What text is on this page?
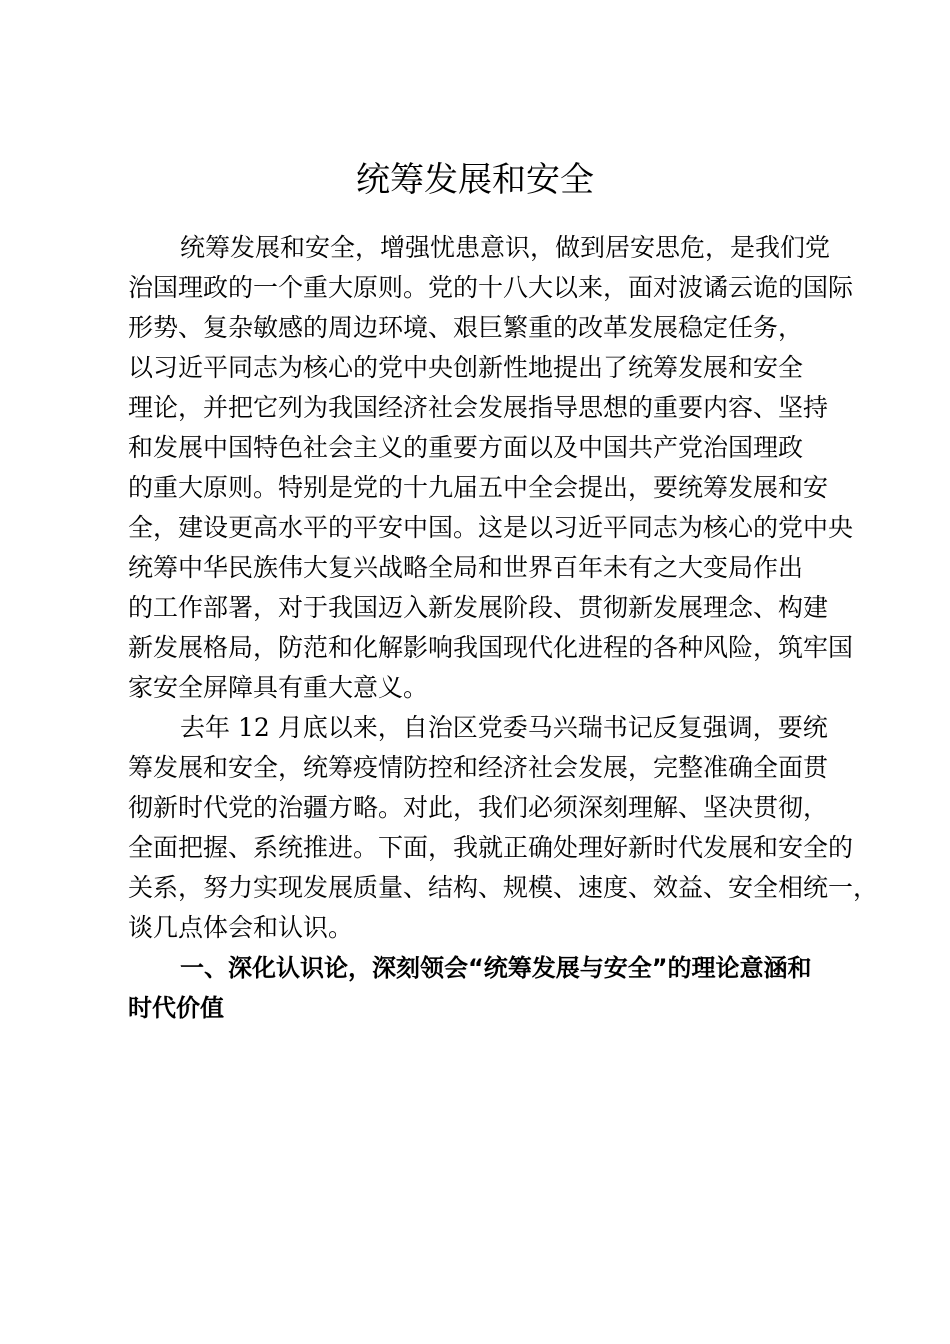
统筹发展和安全
统筹发展和安全，增强忧患意识，做到居安思危，是我们党
治国理政的一个重大原则。党的十八大以来，面对波谲云诡的国际
形势、复杂敏感的周边环境、艰巨繁重的改革发展稳定任务，
以习近平同志为核心的党中央创新性地提出了统筹发展和安全
理论，并把它列为我国经济社会发展指导思想的重要内容、坚持
和发展中国特色社会主义的重要方面以及中国共产党治国理政
的重大原则。特别是党的十九届五中全会提出，要统筹发展和安
全，建设更高水平的平安中国。这是以习近平同志为核心的党中央
统筹中华民族伟大复兴战略全局和世界百年未有之大变局作出
的工作部署，对于我国迈入新发展阶段、贯彻新发展理念、构建
新发展格局，防范和化解影响我国现代化进程的各种风险，筑牢国
家安全屏障具有重大意义。
去年 12 月底以来，自治区党委马兴瑞书记反复强调，要统
筹发展和安全，统筹疫情防控和经济社会发展，完整准确全面贯
彻新时代党的治疆方略。对此，我们必须深刻理解、坚决贯彻，
全面把握、系统推进。下面，我就正确处理好新时代发展和安全的
关系，努力实现发展质量、结构、规模、速度、效益、安全相统一，
谈几点体会和认识。
一、深化认识论，深刻领会“统筹发展与安全”的理论意涵和
时代价值
